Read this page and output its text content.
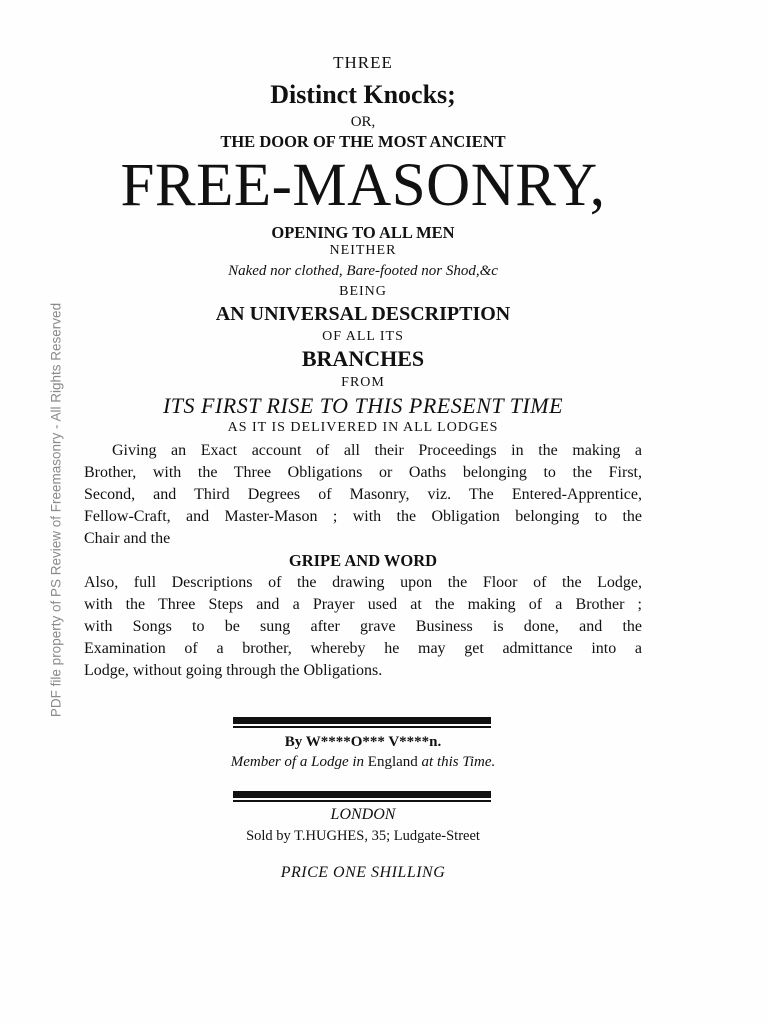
PDF file property of PS Review of Freemasonry - All Rights Reserved
THREE
Distinct Knocks;
OR,
THE DOOR OF THE MOST ANCIENT
FREE-MASONRY,
OPENING TO ALL MEN
NEITHER
Naked nor clothed, Bare-footed nor Shod,&c
BEING
AN UNIVERSAL DESCRIPTION
OF ALL ITS
BRANCHES
FROM
ITS FIRST RISE TO THIS PRESENT TIME
AS IT IS DELIVERED IN ALL LODGES
Giving an Exact account of all their Proceedings in the making a
Brother, with the Three Obligations or Oaths belonging to the First,
Second, and Third Degrees of Masonry, viz. The Entered-Apprentice,
Fellow-Craft, and Master-Mason ; with the Obligation belonging to the
Chair and the
GRIPE AND WORD
Also, full Descriptions of the drawing upon the Floor of the Lodge,
with the Three Steps and a Prayer used at the making of a Brother ;
with Songs to be sung after grave Business is done, and the
Examination of a brother, whereby he may get admittance into a
Lodge, without going through the Obligations.
By W****O*** V****n.
Member of a Lodge in England at this Time.
LONDON
Sold by T.HUGHES, 35; Ludgate-Street
PRICE ONE SHILLING
